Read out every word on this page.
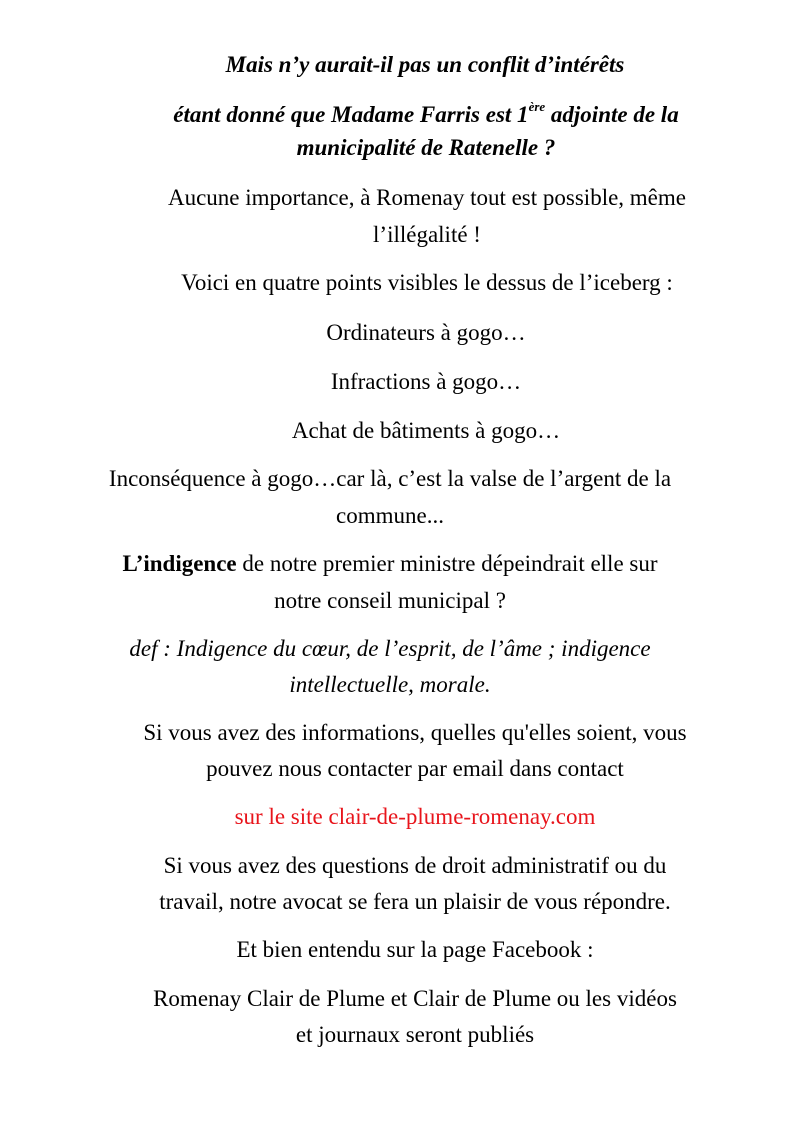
Mais n’y aurait-il pas un conflit d’intérêts
étant donné que Madame Farris est 1ère adjointe de la
municipalité de Ratenelle ?
Aucune importance, à Romenay tout est possible, même
l’illégalité !
Voici en quatre points visibles le dessus de l’iceberg :
Ordinateurs à gogo…
Infractions à gogo…
Achat de bâtiments à gogo…
Inconséquence à gogo…car là, c’est la valse de l’argent de la
commune...
L’indigence de notre premier ministre dépeindrait elle sur
notre conseil municipal ?
def : Indigence du cœur, de l’esprit, de l’âme ; indigence
intellectuelle, morale.
Si vous avez des informations, quelles qu'elles soient, vous
pouvez nous contacter par email dans contact
sur le site clair-de-plume-romenay.com
Si vous avez des questions de droit administratif ou du
travail, notre avocat se fera un plaisir de vous répondre.
Et bien entendu sur la page Facebook :
Romenay Clair de Plume et Clair de Plume ou les vidéos
et journaux seront publiés
